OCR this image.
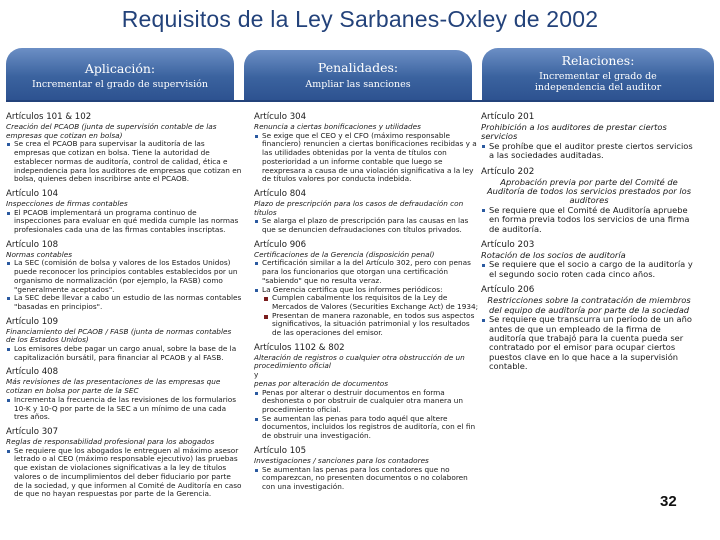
Requisitos de la Ley Sarbanes-Oxley de 2002
Aplicación:
Incrementar el grado de supervisión
Penalidades:
Ampliar las sanciones
Relaciones:
Incrementar el grado de independencia del auditor
Artículos 101 & 102
Creación del PCAOB (junta de supervisión contable de las empresas que cotizan en bolsa)
Se crea el PCAOB para supervisar la auditoría de las empresas que cotizan en bolsa. Tiene la autoridad de establecer normas de auditoría, control de calidad, ética e independencia para los auditores de empresas que cotizan en bolsa, quienes deben inscribirse ante el PCAOB.
Artículo 104
Inspecciones de firmas contables
El PCAOB implementará un programa continuo de inspecciones para evaluar en qué medida cumple las normas profesionales cada una de las firmas contables inscriptas.
Artículo 108
Normas contables
La SEC (comisión de bolsa y valores de los Estados Unidos) puede reconocer los principios contables establecidos por un organismo de normalización (por ejemplo, la FASB) como "generalmente aceptados".
La SEC debe llevar a cabo un estudio de las normas contables "basadas en principios".
Artículo 109
Financiamiento del PCAOB / FASB (junta de normas contables de los Estados Unidos)
Los emisores debe pagar un cargo anual, sobre la base de la capitalización bursátil, para financiar al PCAOB y al FASB.
Artículo 408
Más revisiones de las presentaciones de las empresas que cotizan en bolsa por parte de la SEC
Incrementa la frecuencia de las revisiones de los formularios 10-K y 10-Q por parte de la SEC a un mínimo de una cada tres años.
Artículo 307
Reglas de responsabilidad profesional para los abogados
Se requiere que los abogados le entreguen al máximo asesor letrado o al CEO (máximo responsable ejecutivo) las pruebas que existan de violaciones significativas a la ley de títulos valores o de incumplimientos del deber fiduciario por parte de la sociedad, y que informen al Comité de Auditoría en caso de que no hayan respuestas por parte de la Gerencia.
Artículo 304
Renuncia a ciertas bonificaciones y utilidades
Se exige que el CEO y el CFO (máximo responsable financiero) renuncien a ciertas bonificaciones recibidas y a las utilidades obtenidas por la venta de títulos con posterioridad a un informe contable que luego se reexpresara a causa de una violación significativa a la ley de títulos valores por conducta indebida.
Artículo 804
Plazo de prescripción para los casos de defraudación con títulos
Se alarga el plazo de prescripción para las causas en las que se denuncien defraudaciones con títulos privados.
Artículo 906
Certificaciones de la Gerencia (disposición penal)
Certificación similar a la del Artículo 302, pero con penas para los funcionarios que otorgan una certificación "sabiendo" que no resulta veraz.
La Gerencia certifica que los informes periódicos:
Cumplen cabalmente los requisitos de la Ley de Mercados de Valores (Securities Exchange Act) de 1934;
Presentan de manera razonable, en todos sus aspectos significativos, la situación patrimonial y los resultados de las operaciones del emisor.
Artículos 1102 & 802
Alteración de registros o cualquier otra obstrucción de un procedimiento oficial
y
penas por alteración de documentos
Penas por alterar o destruir documentos en forma deshonesta o por obstruir de cualquier otra manera un procedimiento oficial.
Se aumentan las penas para todo aquél que altere documentos, incluidos los registros de auditoría, con el fin de obstruir una investigación.
Artículo 105
Investigaciones / sanciones para los contadores
Se aumentan las penas para los contadores que no comparezcan, no presenten documentos o no colaboren con una investigación.
Artículo 201
Prohibición a los auditores de prestar ciertos servicios
Se prohíbe que el auditor preste ciertos servicios a las sociedades auditadas.
Artículo 202
Aprobación previa por parte del Comité de Auditoría de todos los servicios prestados por los auditores
Se requiere que el Comité de Auditoría apruebe en forma previa todos los servicios de una firma de auditoría.
Artículo 203
Rotación de los socios de auditoría
Se requiere que el socio a cargo de la auditoría y el segundo socio roten cada cinco años.
Artículo 206
Restricciones sobre la contratación de miembros del equipo de auditoría por parte de la sociedad
Se requiere que transcurra un período de un año antes de que un empleado de la firma de auditoría que trabajó para la cuenta pueda ser contratado por el emisor para ocupar ciertos puestos clave en lo que hace a la supervisión contable.
32
